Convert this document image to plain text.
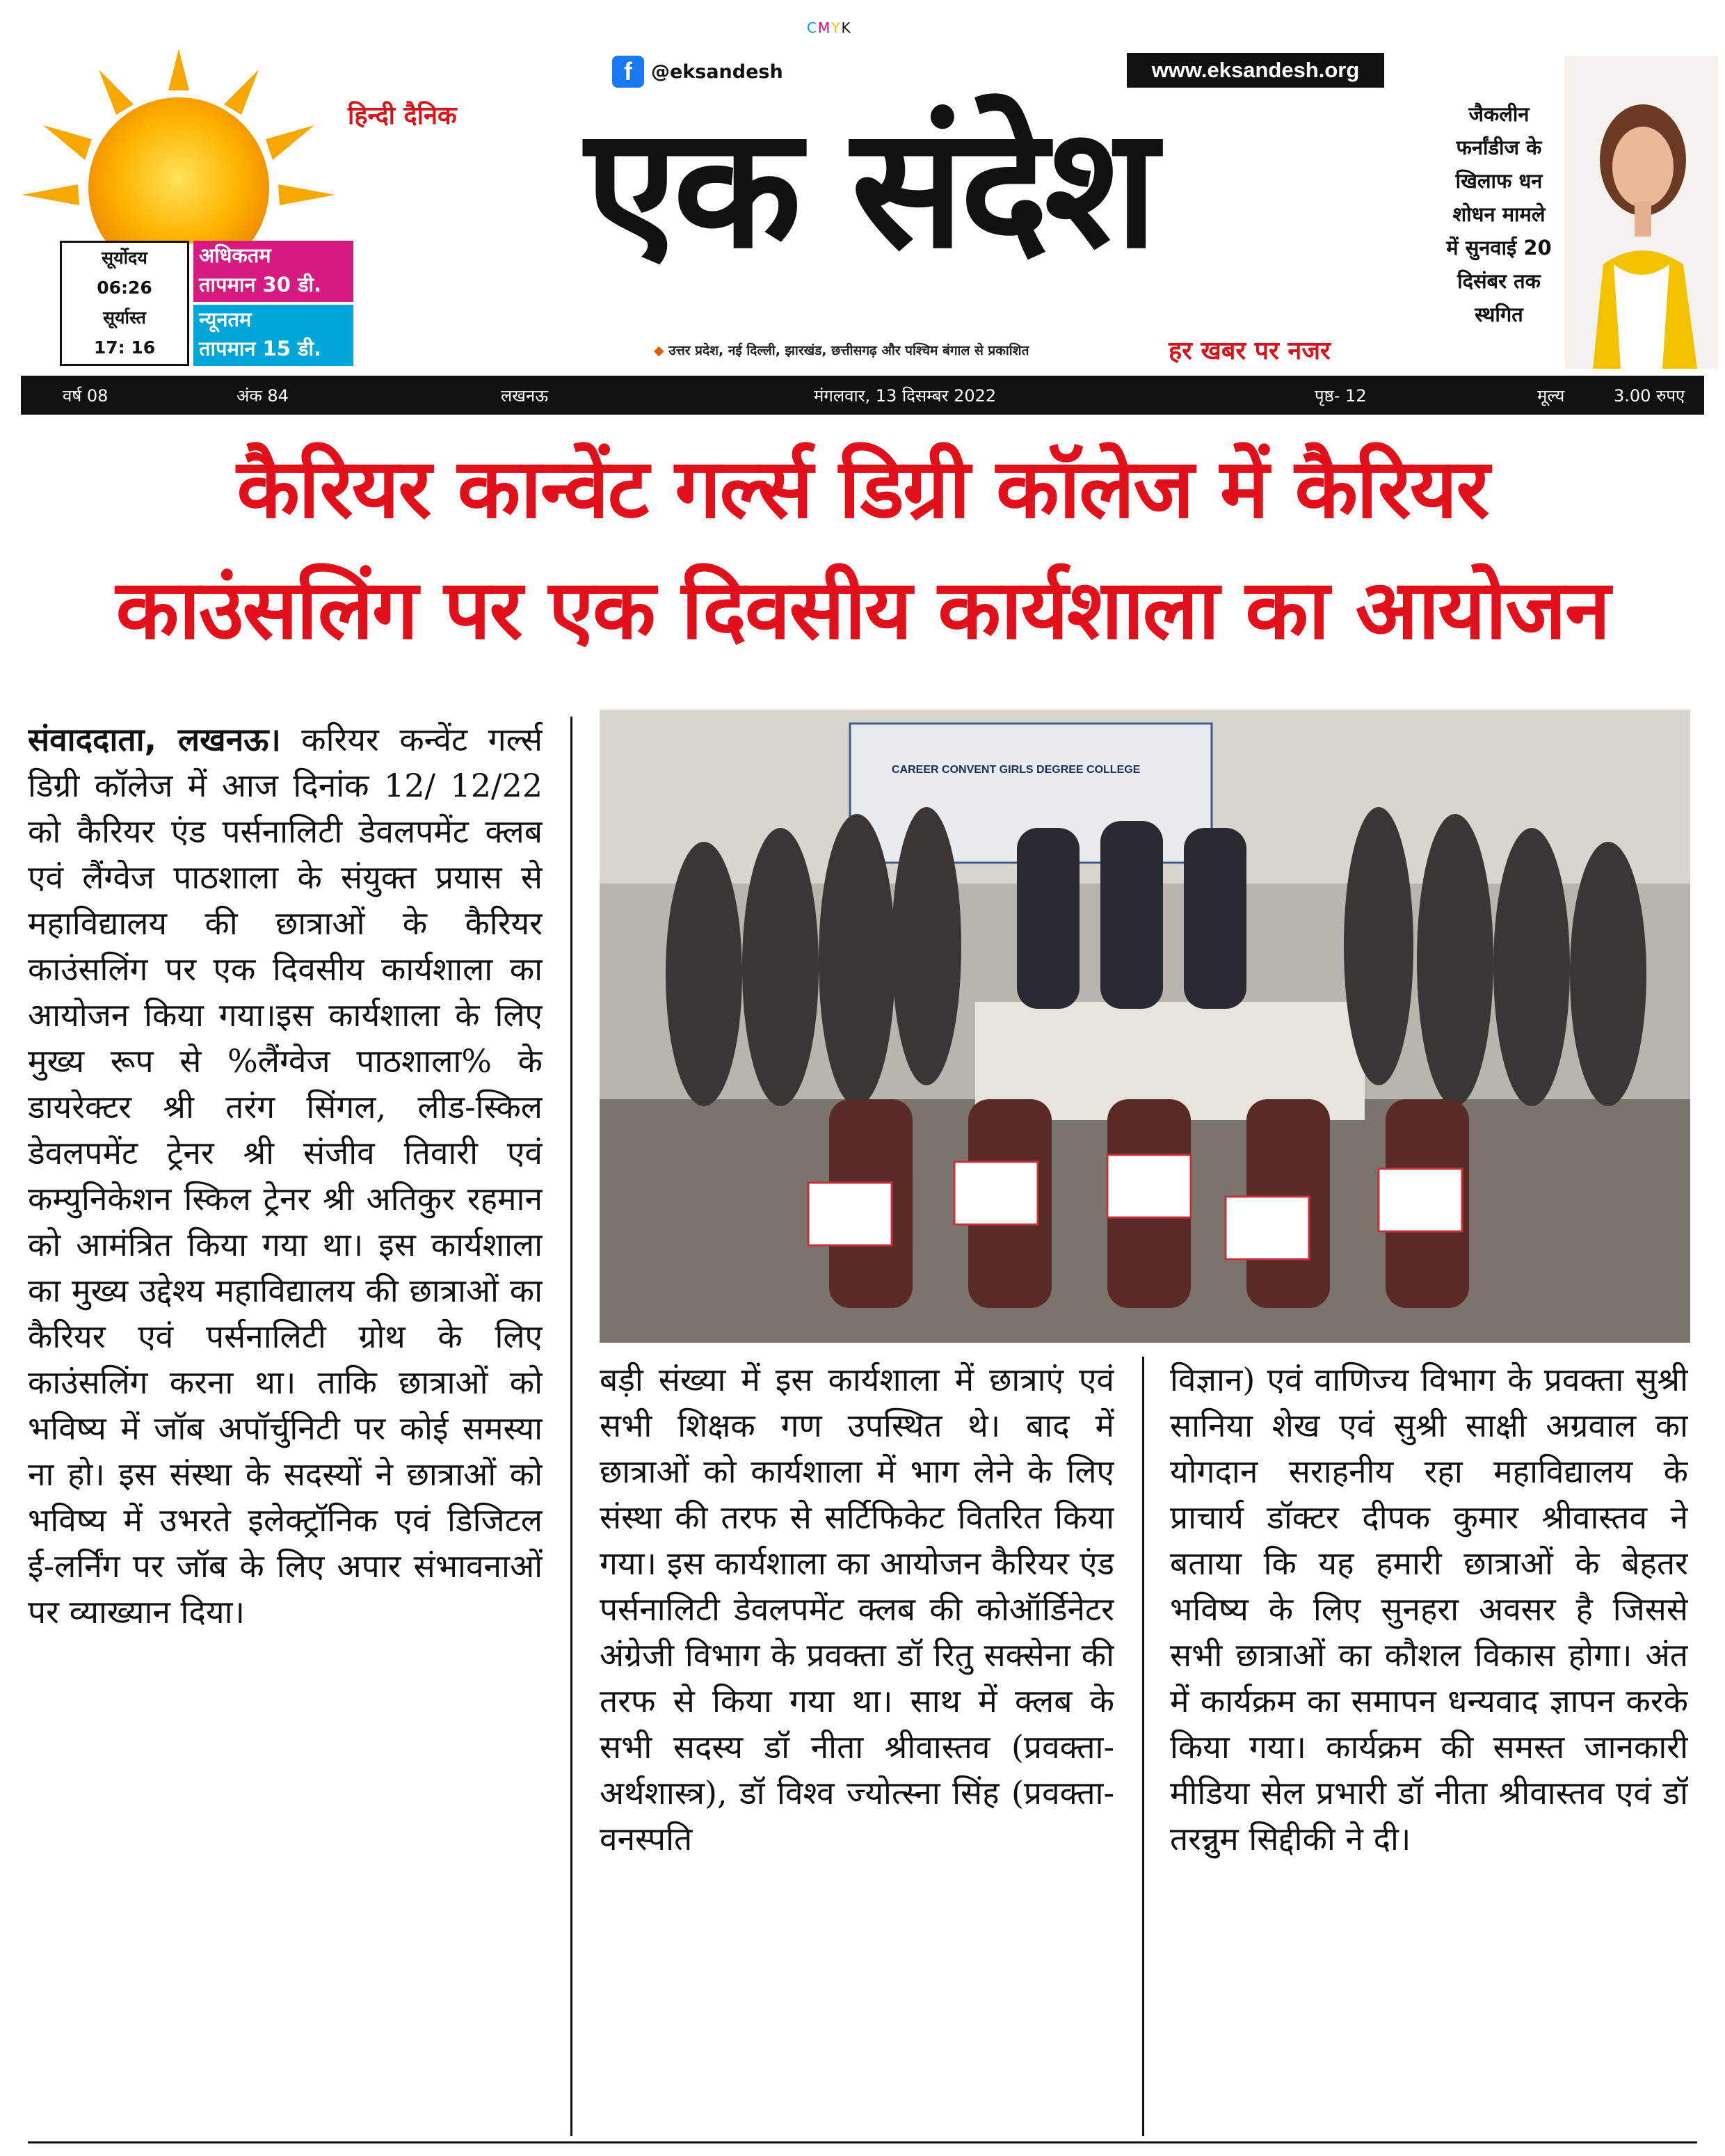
CMYK
f	@eksandesh	www.eksandesh.org
हिन्दी दैनिक एक संदेश
◆ उत्तर प्रदेश, नई दिल्ली, झारखंड, छत्तीसगढ़ और पश्चिम बंगाल से प्रकाशित	हर खबर पर नजर
सूर्योदय
06:26
सूर्यास्त
17: 16
अधिकतम
तापमान 30 डी.
न्यूनतम
तापमान 15 डी.
जैकलीन
फर्नांडीज के
खिलाफ धन
शोधन मामले
में सुनवाई 20
दिसंबर तक
स्थगित
वर्ष 08	अंक 84	लखनऊ	मंगलवार, 13 दिसम्बर 2022	पृष्ठ- 12	मूल्य	3.00 रुपए
कैरियर कान्वेंट गर्ल्स डिग्री कॉलेज में कैरियर
काउंसलिंग पर एक दिवसीय कार्यशाला का आयोजन
संवाददाता, लखनऊ। करियर कन्वेंट गर्ल्स डिग्री कॉलेज में आज दिनांक 12/ 12/22 को कैरियर एंड पर्सनालिटी डेवलपमेंट क्लब एवं लैंग्वेज पाठशाला के संयुक्त प्रयास से महाविद्यालय की छात्राओं के कैरियर काउंसलिंग पर एक दिवसीय कार्यशाला का आयोजन किया गया।इस कार्यशाला के लिए मुख्य रूप से %लैंग्वेज पाठशाला% के डायरेक्टर श्री तरंग सिंगल, लीड-स्किल डेवलपमेंट ट्रेनर श्री संजीव तिवारी एवं कम्युनिकेशन स्किल ट्रेनर श्री अतिकुर रहमान को आमंत्रित किया गया था। इस कार्यशाला का मुख्य उद्देश्य महाविद्यालय की छात्राओं का कैरियर एवं पर्सनालिटी ग्रोथ के लिए काउंसलिंग करना था। ताकि छात्राओं को भविष्य में जॉब अपॉर्चुनिटी पर कोई समस्या ना हो। इस संस्था के सदस्यों ने छात्राओं को भविष्य में उभरते इलेक्ट्रॉनिक एवं डिजिटल ई-लर्निंग पर जॉब के लिए अपार संभावनाओं पर व्याख्यान दिया।
CAREER CONVENT GIRLS DEGREE COLLEGE
बड़ी संख्या में इस कार्यशाला में छात्राएं एवं सभी शिक्षक गण उपस्थित थे। बाद में छात्राओं को कार्यशाला में भाग लेने के लिए संस्था की तरफ से सर्टिफिकेट वितरित किया गया। इस कार्यशाला का आयोजन कैरियर एंड पर्सनालिटी डेवलपमेंट क्लब की कोऑर्डिनेटर अंग्रेजी विभाग के प्रवक्ता डॉ रितु सक्सेना की तरफ से किया गया था। साथ में क्लब के सभी सदस्य डॉ नीता श्रीवास्तव (प्रवक्ता-अर्थशास्त्र), डॉ विश्व ज्योत्स्ना सिंह (प्रवक्ता- वनस्पति
विज्ञान) एवं वाणिज्य विभाग के प्रवक्ता सुश्री सानिया शेख एवं सुश्री साक्षी अग्रवाल का योगदान सराहनीय रहा महाविद्यालय के प्राचार्य डॉक्टर दीपक कुमार श्रीवास्तव ने बताया कि यह हमारी छात्राओं के बेहतर भविष्य के लिए सुनहरा अवसर है जिससे सभी छात्राओं का कौशल विकास होगा। अंत में कार्यक्रम का समापन धन्यवाद ज्ञापन करके किया गया। कार्यक्रम की समस्त जानकारी मीडिया सेल प्रभारी डॉ नीता श्रीवास्तव एवं डॉ तरन्नुम सिद्दीकी ने दी।
